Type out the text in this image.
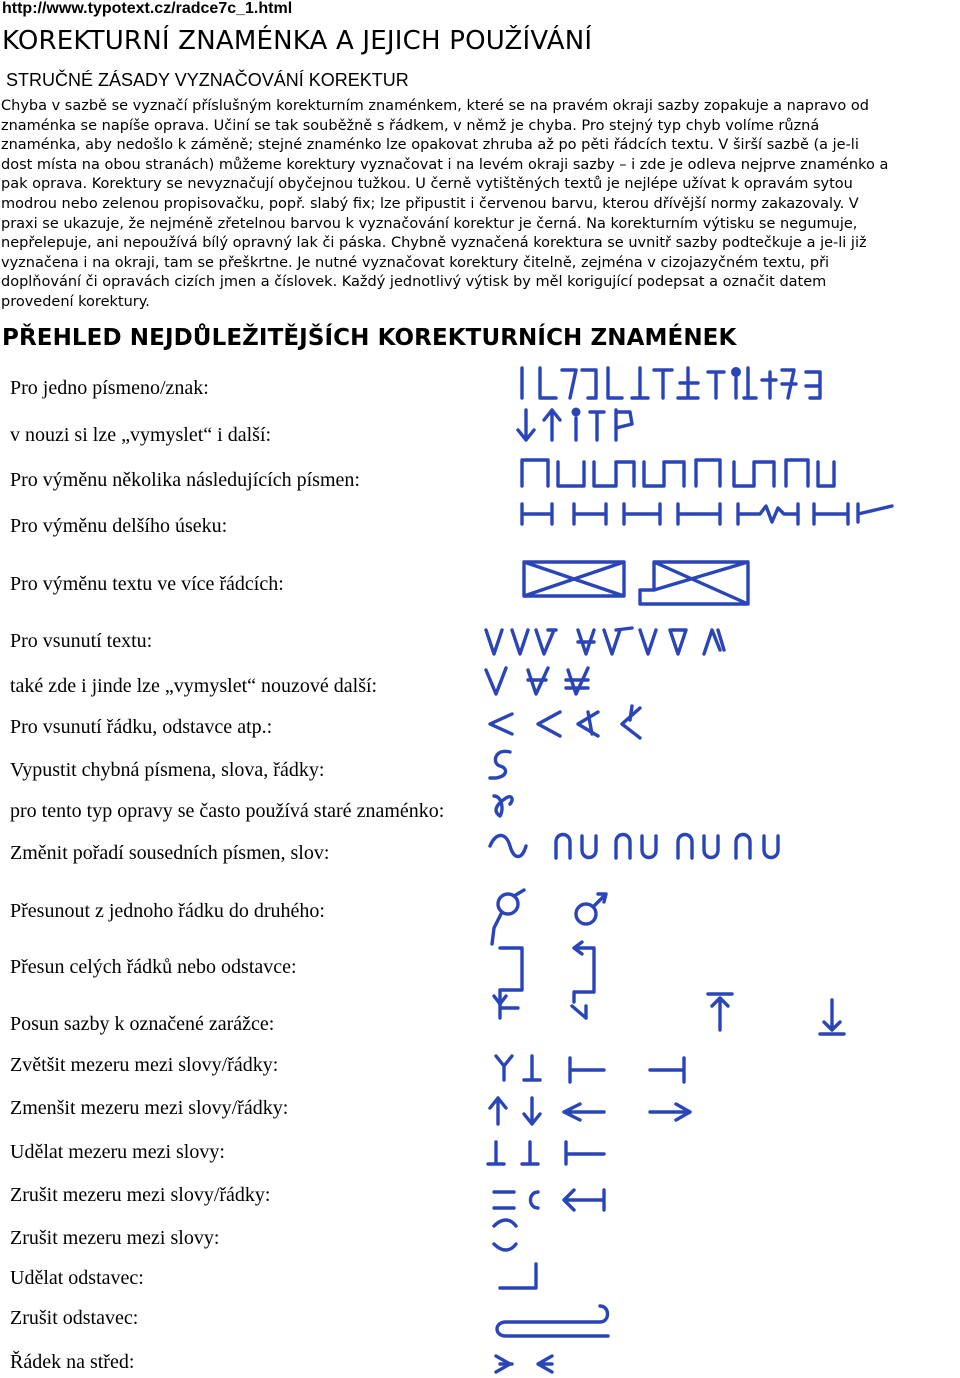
http://www.typotext.cz/radce7c_1.html
KOREKTURNÍ ZNAMÉNKA A JEJICH POUŽÍVÁNÍ
STRUČNÉ ZÁSADY VYZNAČOVÁNÍ KOREKTUR

Chyba v sazbě se vyznačí příslušným korekturním znaménkem, které se na pravém okraji sazby zopakuje a napravo od

znaménka se napíše oprava. Učiní se tak souběžně s řádkem, v němž je chyba. Pro stejný typ chyb volíme různá

znaménka, aby nedošlo k záměně; stejné znaménko lze opakovat zhruba až po pěti řádcích textu. V širší sazbě (a je-li

dost místa na obou stranách) můžeme korektury vyznačovat i na levém okraji sazby – i zde je odleva nejprve znaménko a

pak oprava. Korektury se nevyznačují obyčejnou tužkou. U černě vytištěných textů je nejlépe užívat k opravám sytou

modrou nebo zelenou propisovačku, popř. slabý fix; lze připustit i červenou barvu, kterou dřívější normy zakazovaly. V

praxi se ukazuje, že nejméně zřetelnou barvou k vyznačování korektur je černá. Na korekturním výtisku se negumuje,

nepřelepuje, ani nepoužívá bílý opravný lak či páska. Chybně vyznačená korektura se uvnitř sazby podtečkuje a je-li již

vyznačena i na okraji, tam se přeškrtne. Je nutné vyznačovat korektury čitelně, zejména v cizojazyčném textu, při

doplňování či opravách cizích jmen a číslovek. Každý jednotlivý výtisk by měl korigující podepsat a označit datem

provedení korektury.

PŘEHLED NEJDŮLEŽITĚJŠÍCH KOREKTURNÍCH ZNAMÉNEK
Pro jedno písmeno/znak:
v nouzi si lze „vymyslet“ i další:
Pro výměnu několika následujících písmen:
Pro výměnu delšího úseku:
Pro výměnu textu ve více řádcích:
Pro vsunutí textu:
také zde i jinde lze „vymyslet“ nouzové další:
Pro vsunutí řádku, odstavce atp.:
Vypustit chybná písmena, slova, řádky:
pro tento typ opravy se často používá staré znaménko:
Změnit pořadí sousedních písmen, slov:
Přesunout z jednoho řádku do druhého:
Přesun celých řádků nebo odstavce:
Posun sazby k označené zarážce:
Zvětšit mezeru mezi slovy/řádky:
Zmenšit mezeru mezi slovy/řádky:
Udělat mezeru mezi slovy:
Zrušit mezeru mezi slovy/řádky:
Zrušit mezeru mezi slovy:
Udělat odstavec:
Zrušit odstavec:
Řádek na střed:
